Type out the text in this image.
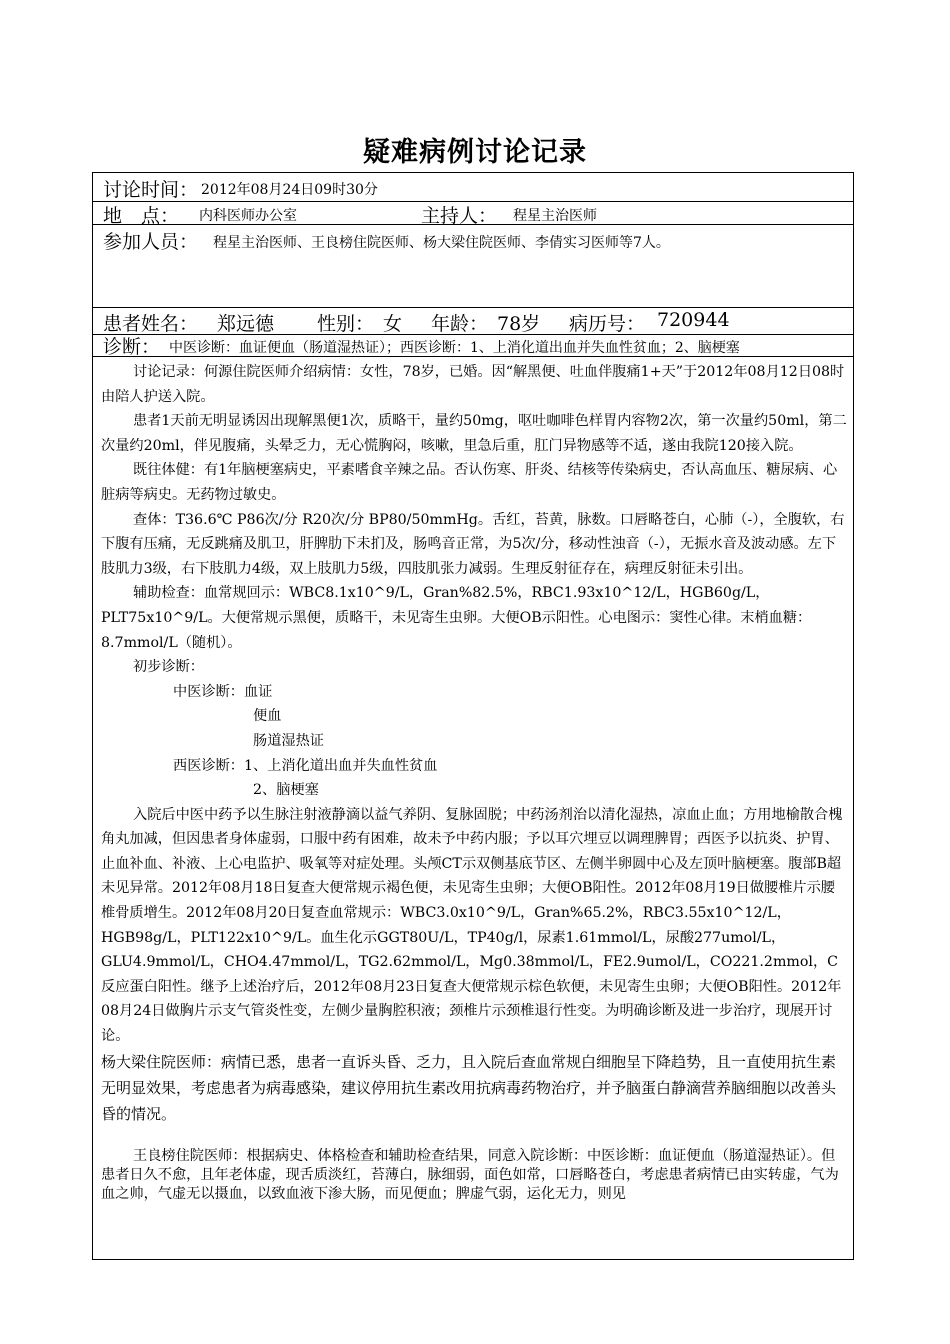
疑难病例讨论记录
讨论时间： 2012年08月24日09时30分
地　点： 内科医师办公室	主持人： 程星主治医师
参加人员： 程星主治医师、王良榜住院医师、杨大梁住院医师、李倩实习医师等7人。
患者姓名： 郑远德 性别： 女 年龄： 78岁 病历号： 720944
诊断： 中医诊断：血证便血（肠道湿热证）；西医诊断：1、上消化道出血并失血性贫血；2、脑梗塞

讨论记录：何源住院医师介绍病情：女性，78岁，已婚。因“解黑便、吐血伴腹痛1+天”于2012年08月12日08时由陪人护送入院。

患者1天前无明显诱因出现解黑便1次，质略干，量约50mg，呕吐咖啡色样胃内容物2次，第一次量约50ml，第二次量约20ml，伴见腹痛，头晕乏力，无心慌胸闷，咳嗽，里急后重，肛门异物感等不适，遂由我院120接入院。

既往体健：有1年脑梗塞病史，平素嗜食辛辣之品。否认伤寒、肝炎、结核等传染病史，否认高血压、糖尿病、心脏病等病史。无药物过敏史。

查体：T36.6℃ P86次/分 R20次/分 BP80/50mmHg。舌红，苔黄，脉数。口唇略苍白，心肺（-），全腹软，右下腹有压痛，无反跳痛及肌卫，肝脾肋下未扪及，肠鸣音正常，为5次/分，移动性浊音（-），无振水音及波动感。左下肢肌力3级，右下肢肌力4级，双上肢肌力5级，四肢肌张力减弱。生理反射征存在，病理反射征未引出。

辅助检查：血常规回示：WBC8.1x10^9/L，Gran%82.5%，RBC1.93x10^12/L，HGB60g/L，PLT75x10^9/L。大便常规示黑便，质略干，未见寄生虫卵。大便OB示阳性。心电图示：窦性心律。末梢血糖：8.7mmol/L（随机）。

初步诊断：

中医诊断：血证

便血

肠道湿热证

西医诊断：1、上消化道出血并失血性贫血

2、脑梗塞

入院后中医中药予以生脉注射液静滴以益气养阴、复脉固脱；中药汤剂治以清化湿热，凉血止血；方用地榆散合槐角丸加减，但因患者身体虚弱，口服中药有困难，故未予中药内服；予以耳穴埋豆以调理脾胃；西医予以抗炎、护胃、止血补血、补液、上心电监护、吸氧等对症处理。头颅CT示双侧基底节区、左侧半卵圆中心及左顶叶脑梗塞。腹部B超未见异常。2012年08月18日复查大便常规示褐色便，未见寄生虫卵；大便OB阳性。2012年08月19日做腰椎片示腰椎骨质增生。2012年08月20日复查血常规示：WBC3.0x10^9/L，Gran%65.2%，RBC3.55x10^12/L，HGB98g/L，PLT122x10^9/L。血生化示GGT80U/L，TP40g/l，尿素1.61mmol/L，尿酸277umol/L，GLU4.9mmol/L，CHO4.47mmol/L，TG2.62mmol/L，Mg0.38mmol/L，FE2.9umol/L，CO221.2mmol，C反应蛋白阳性。继予上述治疗后，2012年08月23日复查大便常规示棕色软便，未见寄生虫卵；大便OB阳性。2012年08月24日做胸片示支气管炎性变，左侧少量胸腔积液；颈椎片示颈椎退行性变。为明确诊断及进一步治疗，现展开讨论。

杨大梁住院医师：病情已悉，患者一直诉头昏、乏力，且入院后查血常规白细胞呈下降趋势，且一直使用抗生素无明显效果，考虑患者为病毒感染，建议停用抗生素改用抗病毒药物治疗，并予脑蛋白静滴营养脑细胞以改善头昏的情况。

王良榜住院医师：根据病史、体格检查和辅助检查结果，同意入院诊断：中医诊断：血证便血（肠道湿热证）。但患者日久不愈，且年老体虚，现舌质淡红，苔薄白，脉细弱，面色如常，口唇略苍白，考虑患者病情已由实转虚，气为血之帅，气虚无以摄血，以致血液下渗大肠，而见便血；脾虚气弱，运化无力，则见
